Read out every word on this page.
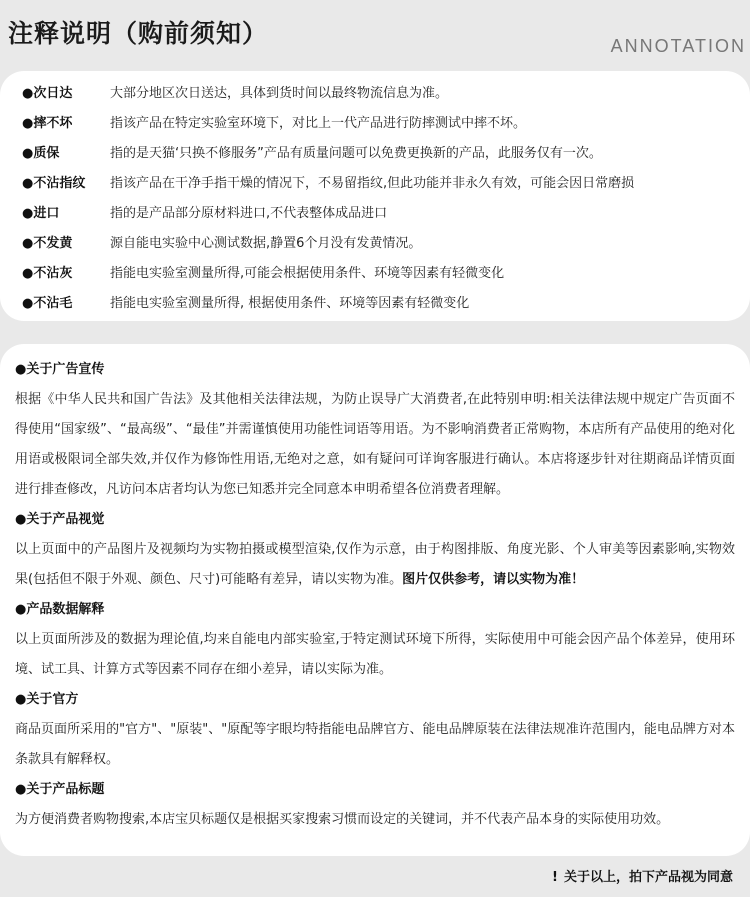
注释说明（购前须知）	ANNOTATION
●次日达	大部分地区次日送达，具体到货时间以最终物流信息为准。
●摔不坏	指该产品在特定实验室环境下，对比上一代产品进行防摔测试中摔不坏。
●质保	指的是天猫‘只换不修服务”产品有质量问题可以免费更换新的产品，此服务仅有一次。
●不沾指纹 指该产品在干净手指干燥的情况下，不易留指纹,但此功能并非永久有效，可能会因日常磨损
●进口	指的是产品部分原材料进口,不代表整体成品进口
●不发黄	源自能电实验中心测试数据,静置6个月没有发黄情况。
●不沾灰	指能电实验室测量所得,可能会根据使用条件、环境等因素有轻微变化
●不沾毛	指能电实验室测量所得, 根据使用条件、环境等因素有轻微变化
●关于广告宣传
根据《中华人民共和国广告法》及其他相关法律法规，为防止误导广大消费者,在此特别申明:相关法律法规中规定广告页面不得使用“国家级”、“最高级”、“最佳”并需谨慎使用功能性词语等用语。为不影响消费者正常购物，本店所有产品使用的绝对化用语或极限词全部失效,并仅作为修饰性用语,无绝对之意，如有疑问可详询客服进行确认。本店将逐步针对往期商品详情页面进行排查修改，凡访问本店者均认为您已知悉并完全同意本申明希望各位消费者理解。
●关于产品视觉
以上页面中的产品图片及视频均为实物拍摄或模型渲染,仅作为示意，由于构图排版、角度光影、个人审美等因素影响,实物效果(包括但不限于外观、颜色、尺寸)可能略有差异，请以实物为准。图片仅供参考，请以实物为准！
●产品数据解释
以上页面所涉及的数据为理论值,均来自能电内部实验室,于特定测试环境下所得，实际使用中可能会因产品个体差异，使用环境、试工具、计算方式等因素不同存在细小差异，请以实际为准。
●关于官方
商品页面所采用的"官方"、"原装"、"原配等字眼均特指能电品牌官方、能电品牌原装在法律法规准许范围内，能电品牌方对本条款具有解释权。
●关于产品标题
为方便消费者购物搜索,本店宝贝标题仅是根据买家搜索习惯而设定的关键词，并不代表产品本身的实际使用功效。
! 关于以上，拍下产品视为同意
